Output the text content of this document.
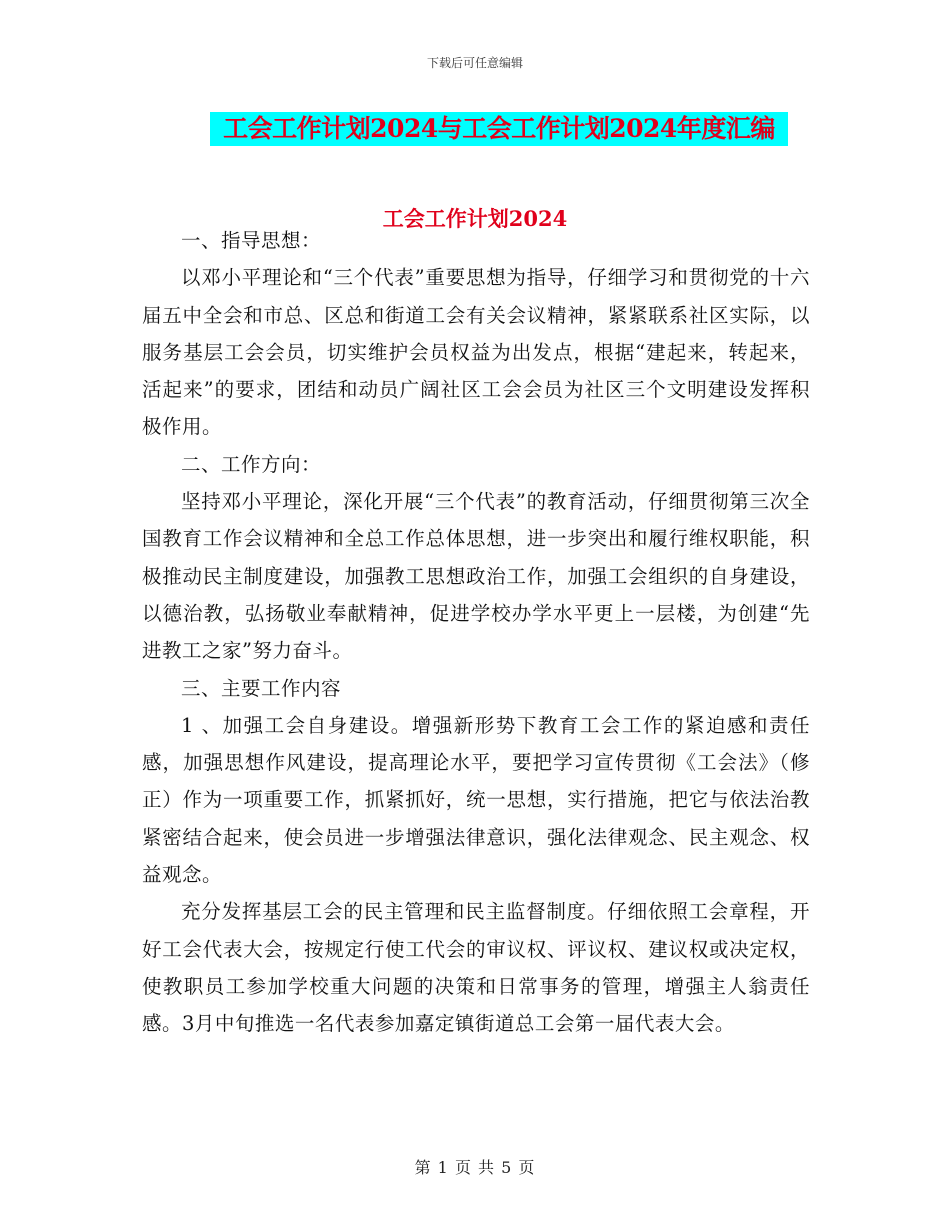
下载后可任意编辑
工会工作计划2024与工会工作计划2024年度汇编
工会工作计划2024

一、指导思想：

以邓小平理论和“三个代表”重要思想为指导，仔细学习和贯彻党的十六届五中全会和市总、区总和街道工会有关会议精神，紧紧联系社区实际，以服务基层工会会员，切实维护会员权益为出发点，根据“建起来，转起来，活起来”的要求，团结和动员广阔社区工会会员为社区三个文明建设发挥积极作用。

二、工作方向：

坚持邓小平理论，深化开展“三个代表”的教育活动，仔细贯彻第三次全国教育工作会议精神和全总工作总体思想，进一步突出和履行维权职能，积极推动民主制度建设，加强教工思想政治工作，加强工会组织的自身建设，以德治教，弘扬敬业奉献精神，促进学校办学水平更上一层楼，为创建“先进教工之家”努力奋斗。

三、主要工作内容

1 、加强工会自身建设。增强新形势下教育工会工作的紧迫感和责任感，加强思想作风建设，提高理论水平，要把学习宣传贯彻《工会法》（修正）作为一项重要工作，抓紧抓好，统一思想，实行措施，把它与依法治教紧密结合起来，使会员进一步增强法律意识，强化法律观念、民主观念、权益观念。

充分发挥基层工会的民主管理和民主监督制度。仔细依照工会章程，开好工会代表大会，按规定行使工代会的审议权、评议权、建议权或决定权，使教职员工参加学校重大问题的决策和日常事务的管理，增强主人翁责任感。3月中旬推选一名代表参加嘉定镇街道总工会第一届代表大会。

第 1 页 共 5 页
